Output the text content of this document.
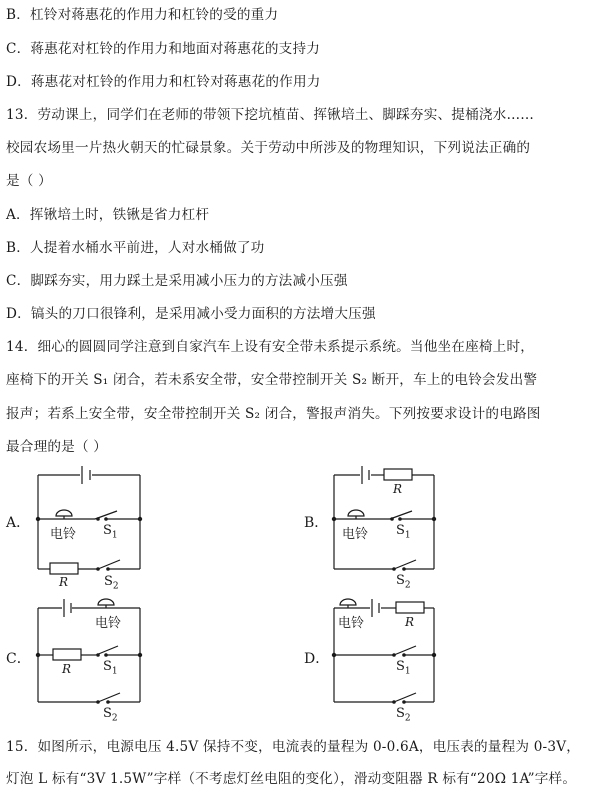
B．杠铃对蒋惠花的作用力和杠铃的受的重力
C．蒋惠花对杠铃的作用力和地面对蒋惠花的支持力
D．蒋惠花对杠铃的作用力和杠铃对蒋惠花的作用力
13．劳动课上，同学们在老师的带领下挖坑植苗、挥锹培土、脚踩夯实、提桶浇水……
校园农场里一片热火朝天的忙碌景象。关于劳动中所涉及的物理知识，下列说法正确的
是（ ）
A．挥锹培土时，铁锹是省力杠杆
B．人提着水桶水平前进，人对水桶做了功
C．脚踩夯实，用力踩土是采用减小压力的方法减小压强
D．镐头的刀口很锋利，是采用减小受力面积的方法增大压强
14．细心的圆圆同学注意到自家汽车上设有安全带未系提示系统。当他坐在座椅上时，
座椅下的开关 S₁ 闭合，若未系安全带，安全带控制开关 S₂ 断开，车上的电铃会发出警
报声；若系上安全带，安全带控制开关 S₂ 闭合，警报声消失。下列按要求设计的电路图
最合理的是（ ）
15．如图所示，电源电压 4.5V 保持不变，电流表的量程为 0-0.6A，电压表的量程为 0-3V，
灯泡 L 标有“3V 1.5W”字样（不考虑灯丝电阻的变化），滑动变阻器 R 标有“20Ω 1A”字样。
A．	B．
C．	D．
电铃 $S_1$
R	$S_2$
R
电铃 $S_1$
$S_2$
电铃
R $S_1$
$S_2$
电铃	R
$S_1$
$S_2$
